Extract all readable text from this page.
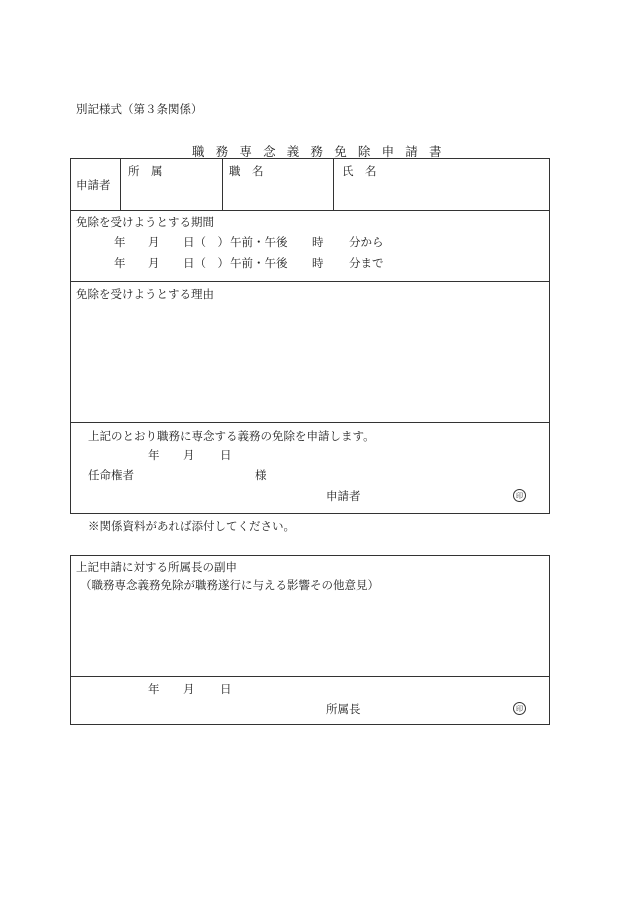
別記様式（第３条関係）
職務専念義務免除申請書
申請者
所　属	職　名	氏　名
免除を受けようとする期間
年 月 日（　） 午前・午後 時 分から
年 月 日（　） 午前・午後 時 分まで
免除を受けようとする理由
上記のとおり職務に専念する義務の免除を申請します。
年 月 日
任命権者	様
申請者	印
※関係資料があれば添付してください。
上記申請に対する所属長の副申
（職務専念義務免除が職務遂行に与える影響その他意見）
年 月 日
所属長	印
